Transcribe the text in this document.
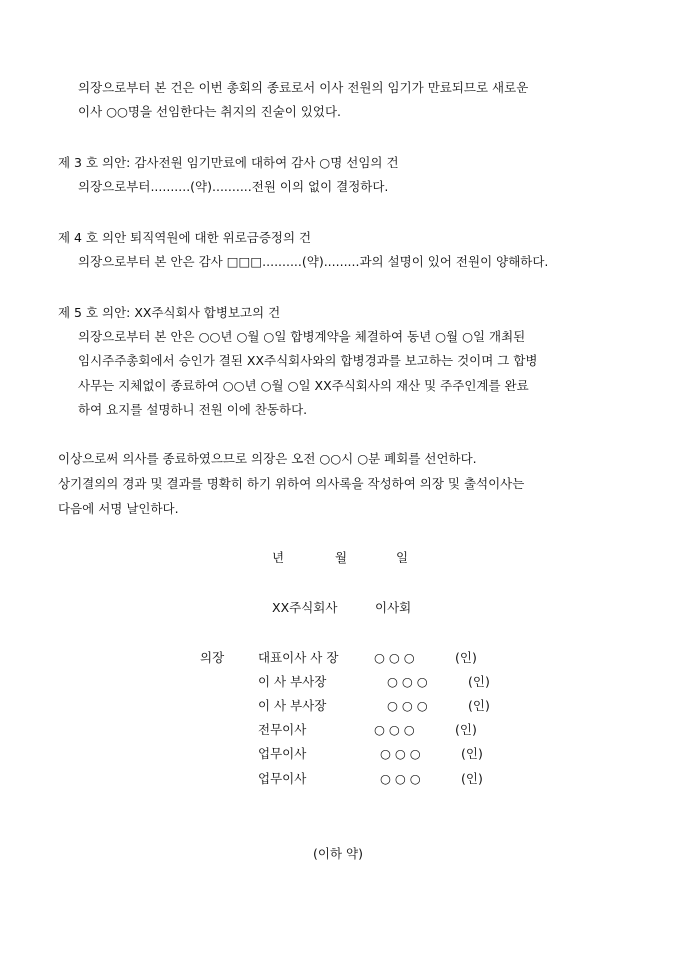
의장으로부터 본 건은 이번 총회의 종료로서 이사 전원의 임기가 만료되므로 새로운
이사 ○○명을 선임한다는 취지의 진술이 있었다.
제 3 호 의안: 감사전원 임기만료에 대하여 감사 ○명 선임의 건
의장으로부터..........(약)..........전원 이의 없이 결정하다.
제 4 호 의안 퇴직역원에 대한 위로금증정의 건
의장으로부터 본 안은 감사 □□□..........(약).........과의 설명이 있어 전원이 양해하다.
제 5 호 의안: XX주식회사 합병보고의 건
의장으로부터 본 안은 ○○년 ○월 ○일 합병계약을 체결하여 동년 ○월 ○일 개최된
임시주주총회에서 승인가 결된 XX주식회사와의 합병경과를 보고하는 것이며 그 합병
사무는 지체없이 종료하여 ○○년 ○월 ○일 XX주식회사의 재산 및 주주인계를 완료
하여 요지를 설명하니 전원 이에 찬동하다.
이상으로써 의사를 종료하였으므로 의장은 오전 ○○시 ○분 폐회를 선언하다.
상기결의의 경과 및 결과를 명확히 하기 위하여 의사록을 작성하여 의장 및 출석이사는
다음에 서명 날인하다.
년	월	일
XX주식회사	이사회
의장	대표이사 사 장	○ ○ ○	(인)
이 사 부사장	○ ○ ○	(인)
이 사 부사장	○ ○ ○	(인)
전무이사	○ ○ ○	(인)
업무이사	○ ○ ○	(인)
업무이사	○ ○ ○	(인)
(이하 약)
